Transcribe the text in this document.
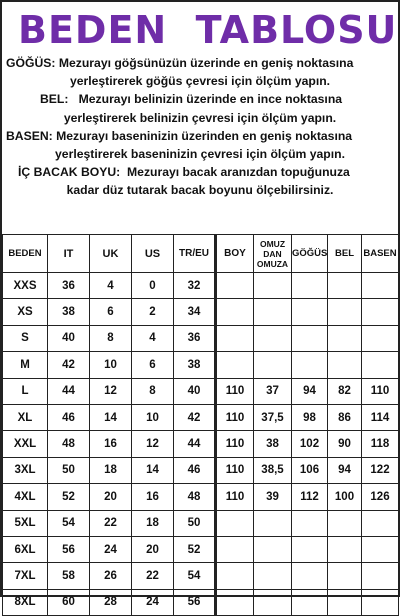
BEDEN  TABLOSU
GÖĞÜS: Mezurayı göğsünüzün üzerinde en geniş noktasına
yerleştirerek göğüs çevresi için ölçüm yapın.
BEL:   Mezurayı belinizin üzerinde en ince noktasına
yerleştirerek belinizin çevresi için ölçüm yapın.
BASEN: Mezurayı baseninizin üzerinden en geniş noktasına
yerleştirerek baseninizin çevresi için ölçüm yapın.
İÇ BACAK BOYU:  Mezurayı bacak aranızdan topuğunuza
kadar düz tutarak bacak boyunu ölçebilirsiniz.
BEDEN	IT	UK	US	TR/EU	BOY	OMUZ DAN OMUZA	GÖĞÜS	BEL	BASEN
XXS	36	4	0	32					
XS	38	6	2	34					
S	40	8	4	36					
M	42	10	6	38					
L	44	12	8	40	110	37	94	82	110
XL	46	14	10	42	110	37,5	98	86	114
XXL	48	16	12	44	110	38	102	90	118
3XL	50	18	14	46	110	38,5	106	94	122
4XL	52	20	16	48	110	39	112	100	126
5XL	54	22	18	50					
6XL	56	24	20	52					
7XL	58	26	22	54					
8XL	60	28	24	56					
